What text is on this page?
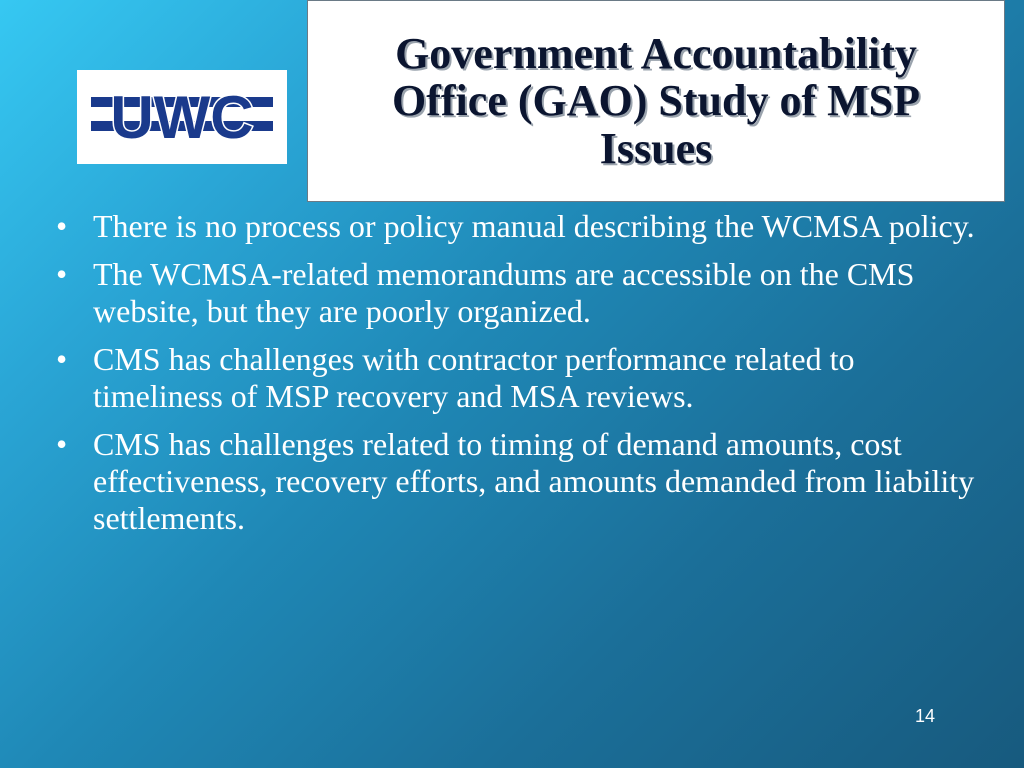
UWC
Government Accountability Office (GAO) Study of MSP Issues
• There is no process or policy manual describing the WCMSA policy.
• The WCMSA-related memorandums are accessible on the CMS website, but they are poorly organized.
• CMS has challenges with contractor performance related to timeliness of MSP recovery and MSA reviews.
• CMS has challenges related to timing of demand amounts, cost effectiveness, recovery efforts, and amounts demanded from liability settlements.
14
